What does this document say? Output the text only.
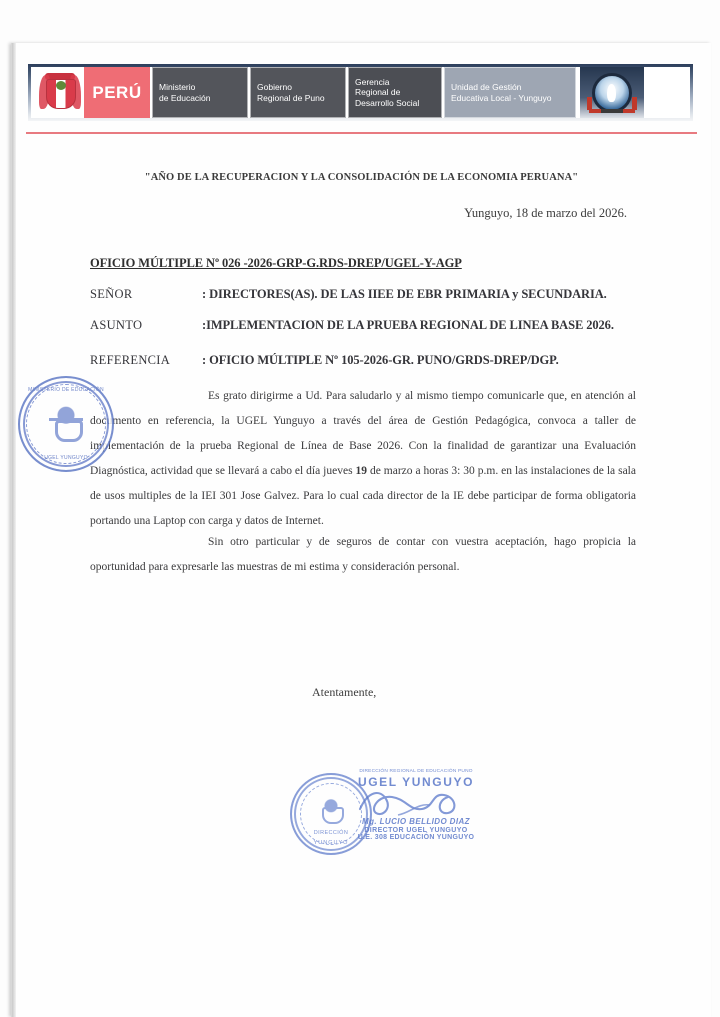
PERÚ	Ministerio
de Educación
Gobierno
Regional de Puno
Gerencia
Regional de
Desarrollo Social
Unidad de Gestión
Educativa Local - Yunguyo
"AÑO DE LA RECUPERACION Y LA CONSOLIDACIÓN DE LA ECONOMIA PERUANA"
Yunguyo, 18 de marzo del 2026.
OFICIO MÚLTIPLE Nº 026 -2026-GRP-G.RDS-DREP/UGEL-Y-AGP
SEÑOR	: DIRECTORES(AS). DE LAS IIEE DE EBR PRIMARIA y SECUNDARIA.
ASUNTO	:IMPLEMENTACION DE LA PRUEBA REGIONAL DE LINEA BASE 2026.
REFERENCIA	: OFICIO MÚLTIPLE Nº 105-2026-GR. PUNO/GRDS-DREP/DGP.
Es grato dirigirme a Ud. Para saludarlo y al mismo tiempo comunicarle que, en atención al documento en referencia, la UGEL Yunguyo a través del área de Gestión Pedagógica, convoca a taller de implementación de la prueba Regional de Línea de Base 2026. Con la finalidad de garantizar una Evaluación Diagnóstica, actividad que se llevará a cabo el día jueves 19 de marzo a horas 3: 30 p.m. en las instalaciones de la sala de usos multiples de la IEI 301 Jose Galvez. Para lo cual cada director de la IE debe participar de forma obligatoria portando una Laptop con carga y datos de Internet.
Sin otro particular y de seguros de contar con vuestra aceptación, hago propicia la oportunidad para expresarle las muestras de mi estima y consideración personal.
Atentamente,
MINISTERIO DE EDUCACIÓN
UGEL YUNGUYO
DIRECCIÓN
YUNGUYO
DIRECCIÓN REGIONAL DE EDUCACIÓN PUNO
UGEL YUNGUYO
Mg. LUCIO BELLIDO DIAZ
DIRECTOR UGEL YUNGUYO
U.E. 308 EDUCACIÓN YUNGUYO
